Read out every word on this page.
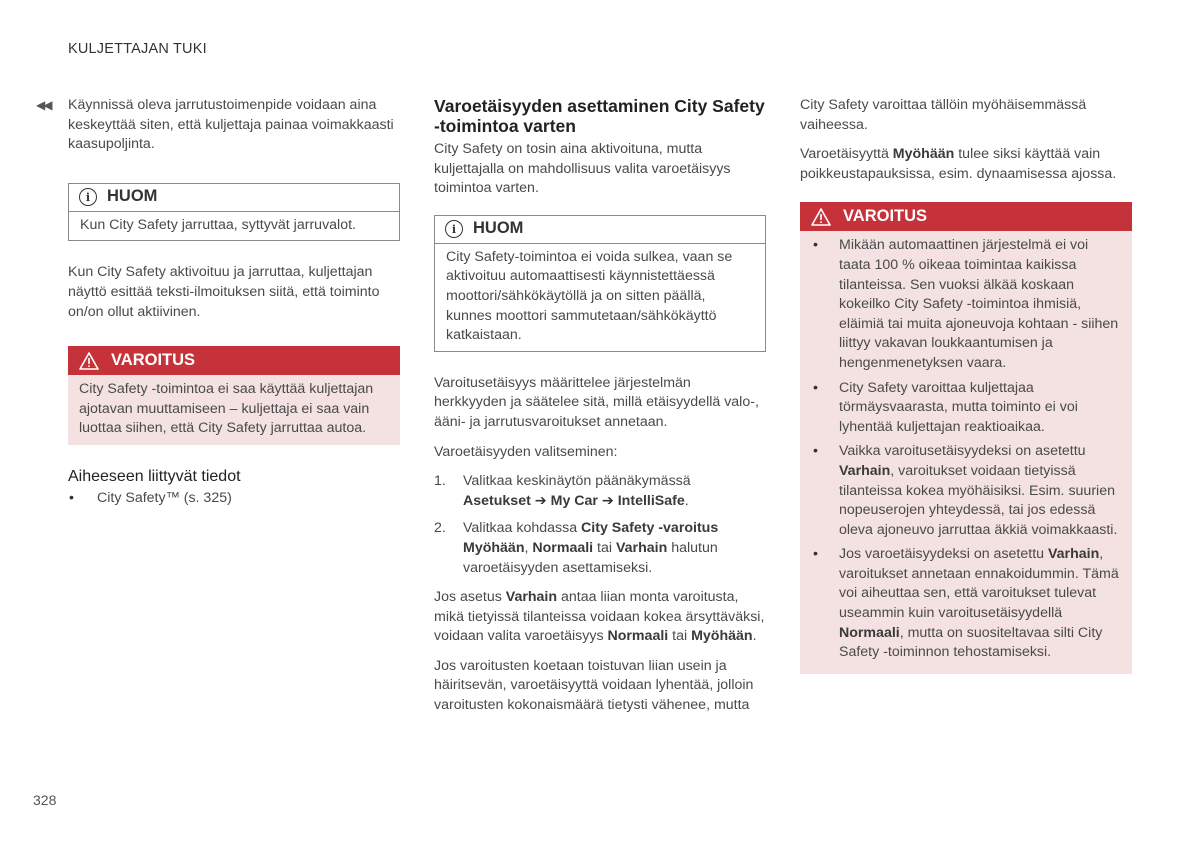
KULJETTAJAN TUKI
◀◀ Käynnissä oleva jarrutustoimenpide voidaan aina keskeyttää siten, että kuljettaja painaa voimakkaasti kaasupoljinta.

i	HUOM
Kun City Safety jarruttaa, syttyvät jarruvalot.

Kun City Safety aktivoituu ja jarruttaa, kuljettajan näyttö esittää teksti-ilmoituksen siitä, että toiminto on/on ollut aktiivinen.

VAROITUS
City Safety -toimintoa ei saa käyttää kuljettajan ajotavan muuttamiseen – kuljettaja ei saa vain luottaa siihen, että City Safety jarruttaa autoa.
Aiheeseen liittyvät tiedot
• City Safety™ (s. 325)
Varoetäisyyden asettaminen City Safety -toimintoa varten

City Safety on tosin aina aktivoituna, mutta kuljettajalla on mahdollisuus valita varoetäisyys toimintoa varten.

i	HUOM
City Safety-toimintoa ei voida sulkea, vaan se aktivoituu automaattisesti käynnistettäessä moottori/sähkökäytöllä ja on sitten päällä, kunnes moottori sammutetaan/sähkökäyttö katkaistaan.

Varoitusetäisyys määrittelee järjestelmän herkkyyden ja säätelee sitä, millä etäisyydellä valo-, ääni- ja jarrutusvaroitukset annetaan.

Varoetäisyyden valitseminen:

1. Valitkaa keskinäytön päänäkymässä
Asetukset ➔ My Car ➔ IntelliSafe.
2. Valitkaa kohdassa City Safety -varoitus Myöhään, Normaali tai Varhain halutun varoetäisyyden asettamiseksi.

Jos asetus Varhain antaa liian monta varoitusta, mikä tietyissä tilanteissa voidaan kokea ärsyttäväksi, voidaan valita varoetäisyys Normaali tai Myöhään.

Jos varoitusten koetaan toistuvan liian usein ja häiritsevän, varoetäisyyttä voidaan lyhentää, jolloin varoitusten kokonaismäärä tietysti vähenee, mutta

City Safety varoittaa tällöin myöhäisemmässä vaiheessa.

Varoetäisyyttä Myöhään tulee siksi käyttää vain poikkeustapauksissa, esim. dynaamisessa ajossa.

VAROITUS
• Mikään automaattinen järjestelmä ei voi taata 100 % oikeaa toimintaa kaikissa tilanteissa. Sen vuoksi älkää koskaan kokeilko City Safety -toimintoa ihmisiä, eläimiä tai muita ajoneuvoja kohtaan - siihen liittyy vakavan loukkaantumisen ja hengenmenetyksen vaara.
• City Safety varoittaa kuljettajaa törmäysvaarasta, mutta toiminto ei voi lyhentää kuljettajan reaktioaikaa.
• Vaikka varoitusetäisyydeksi on asetettu Varhain, varoitukset voidaan tietyissä tilanteissa kokea myöhäisiksi. Esim. suurien nopeuserojen yhteydessä, tai jos edessä oleva ajoneuvo jarruttaa äkkiä voimakkaasti.
• Jos varoetäisyydeksi on asetettu Varhain, varoitukset annetaan ennakoidummin. Tämä voi aiheuttaa sen, että varoitukset tulevat useammin kuin varoitusetäisyydellä Normaali, mutta on suositeltavaa silti City Safety -toiminnon tehostamiseksi.
328
